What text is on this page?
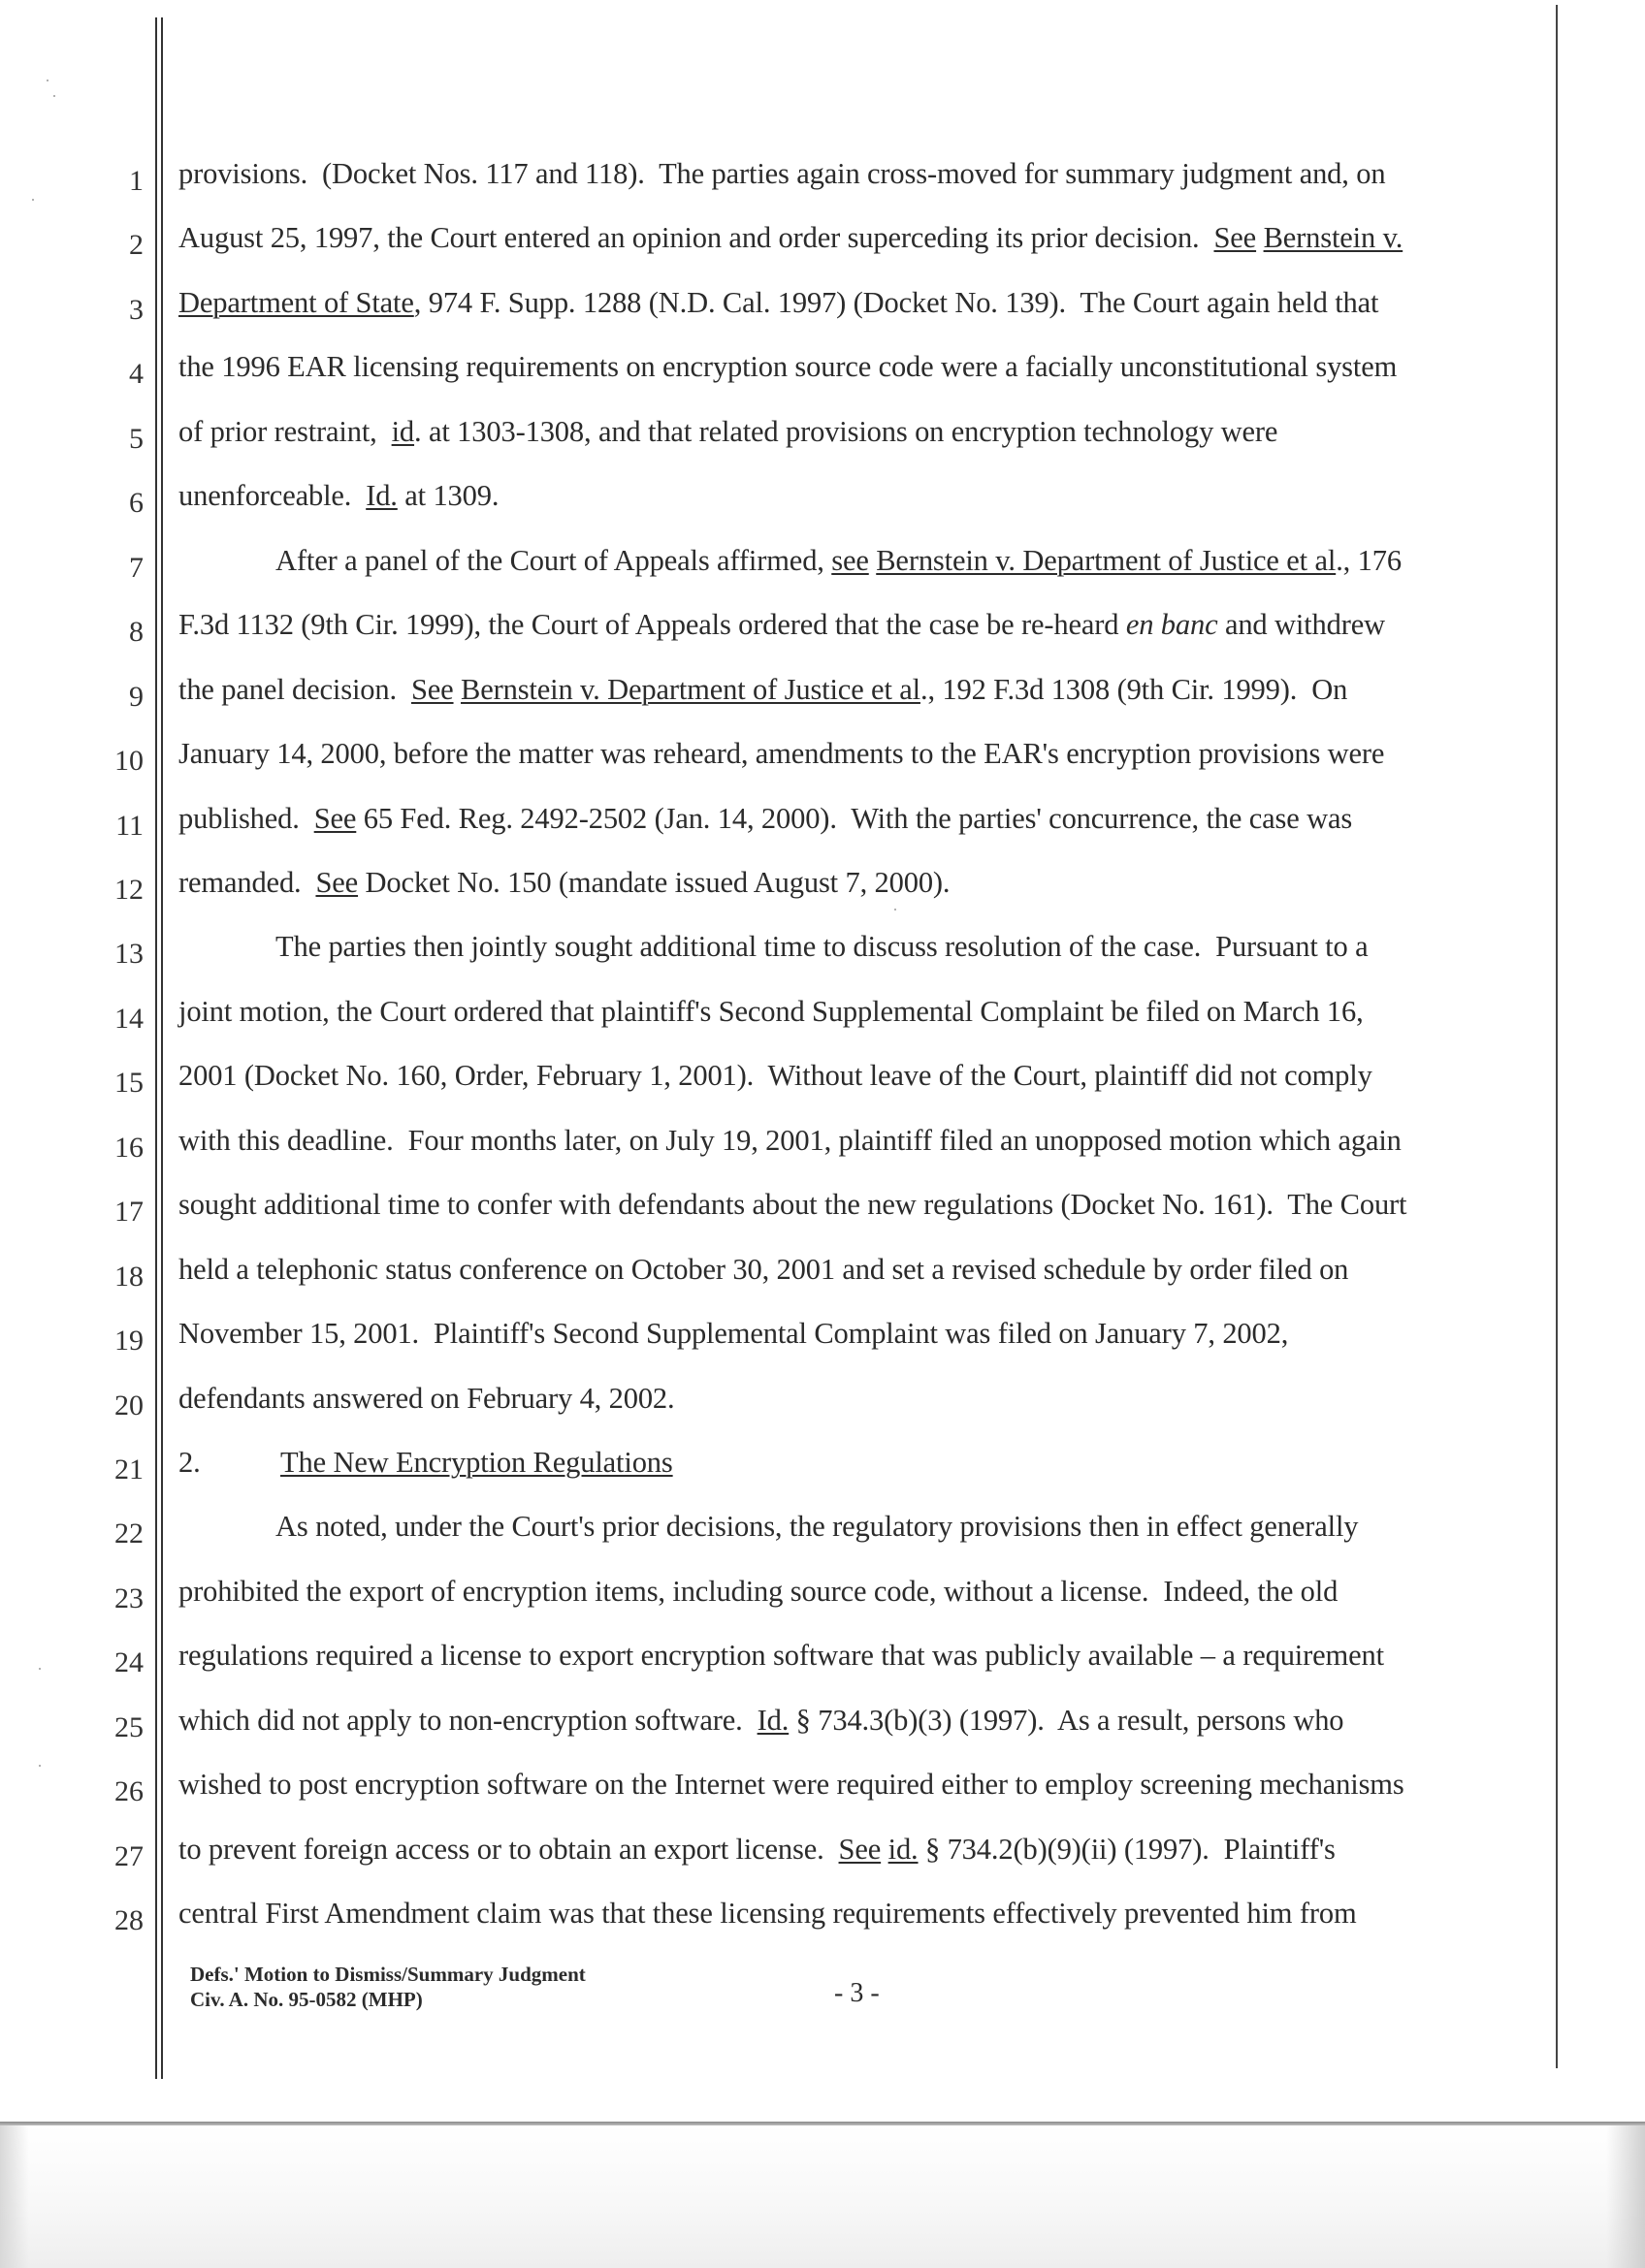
1
2
3
4
5
6
7
8
9
10
11
12
13
14
15
16
17
18
19
20
21
22
23
24
25
26
27
28
provisions.  (Docket Nos. 117 and 118).  The parties again cross-moved for summary judgment and, on
August 25, 1997, the Court entered an opinion and order superceding its prior decision.  See Bernstein v.
Department of State, 974 F. Supp. 1288 (N.D. Cal. 1997) (Docket No. 139).  The Court again held that
the 1996 EAR licensing requirements on encryption source code were a facially unconstitutional system
of prior restraint,  id. at 1303-1308, and that related provisions on encryption technology were
unenforceable.  Id. at 1309.
After a panel of the Court of Appeals affirmed, see Bernstein v. Department of Justice et al., 176
F.3d 1132 (9th Cir. 1999), the Court of Appeals ordered that the case be re-heard en banc and withdrew
the panel decision.  See Bernstein v. Department of Justice et al., 192 F.3d 1308 (9th Cir. 1999).  On
January 14, 2000, before the matter was reheard, amendments to the EAR's encryption provisions were
published.  See 65 Fed. Reg. 2492-2502 (Jan. 14, 2000).  With the parties' concurrence, the case was
remanded.  See Docket No. 150 (mandate issued August 7, 2000).
The parties then jointly sought additional time to discuss resolution of the case.  Pursuant to a
joint motion, the Court ordered that plaintiff's Second Supplemental Complaint be filed on March 16,
2001 (Docket No. 160, Order, February 1, 2001).  Without leave of the Court, plaintiff did not comply
with this deadline.  Four months later, on July 19, 2001, plaintiff filed an unopposed motion which again
sought additional time to confer with defendants about the new regulations (Docket No. 161).  The Court
held a telephonic status conference on October 30, 2001 and set a revised schedule by order filed on
November 15, 2001.  Plaintiff's Second Supplemental Complaint was filed on January 7, 2002,
defendants answered on February 4, 2002.
2.	The New Encryption Regulations
As noted, under the Court's prior decisions, the regulatory provisions then in effect generally
prohibited the export of encryption items, including source code, without a license.  Indeed, the old
regulations required a license to export encryption software that was publicly available – a requirement
which did not apply to non-encryption software.  Id. § 734.3(b)(3) (1997).  As a result, persons who
wished to post encryption software on the Internet were required either to employ screening mechanisms
to prevent foreign access or to obtain an export license.  See id. § 734.2(b)(9)(ii) (1997).  Plaintiff's
central First Amendment claim was that these licensing requirements effectively prevented him from
Defs.' Motion to Dismiss/Summary Judgment
Civ. A. No. 95-0582 (MHP)	- 3 -
